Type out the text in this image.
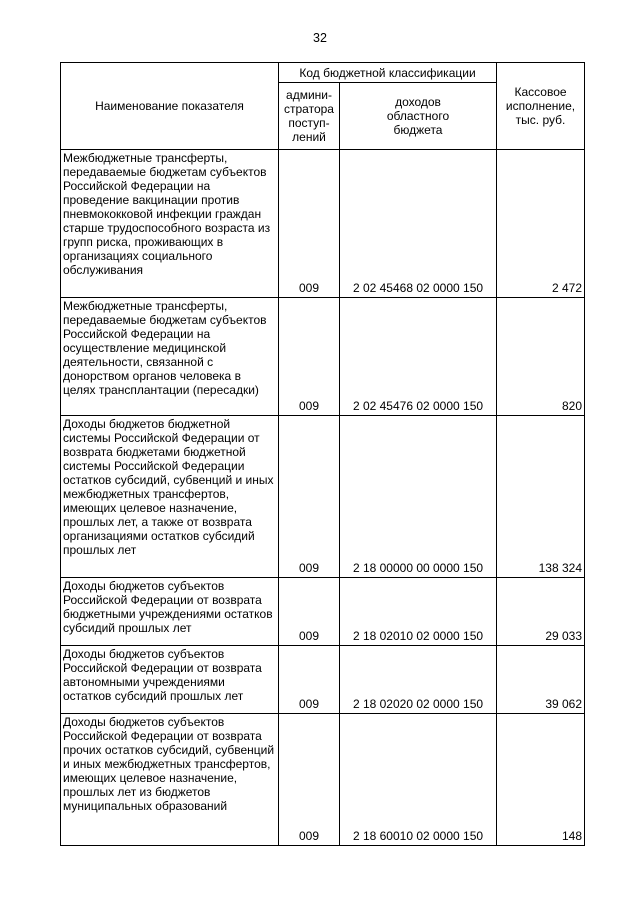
32
Наименование показателя	Код бюджетной классификации		Кассовое
исполнение,
тыс. руб.
	админи-
стратора
поступ-
лений	доходов
областного
бюджета	

Межбюджетные трансферты, передаваемые бюджетам субъектов Российской Федерации на проведение вакцинации против пневмококковой инфекции граждан старше трудоспособного возраста из групп риска, проживающих в организациях социального обслуживания	009	2 02 45468 02 0000 150	2 472

Межбюджетные трансферты, передаваемые бюджетам субъектов Российской Федерации на осуществление медицинской деятельности, связанной с донорством органов человека в целях трансплантации (пересадки)	009	2 02 45476 02 0000 150	820

Доходы бюджетов бюджетной системы Российской Федерации от возврата бюджетами бюджетной системы Российской Федерации остатков субсидий, субвенций и иных межбюджетных трансфертов, имеющих целевое назначение, прошлых лет, а также от возврата организациями остатков субсидий прошлых лет	009	2 18 00000 00 0000 150	138 324

Доходы бюджетов субъектов Российской Федерации от возврата бюджетными учреждениями остатков субсидий прошлых лет	009	2 18 02010 02 0000 150	29 033

Доходы бюджетов субъектов Российской Федерации от возврата автономными учреждениями остатков субсидий прошлых лет	009	2 18 02020 02 0000 150	39 062

Доходы бюджетов субъектов Российской Федерации от возврата прочих остатков субсидий, субвенций и иных межбюджетных трансфертов, имеющих целевое назначение, прошлых лет из бюджетов муниципальных образований	009	2 18 60010 02 0000 150	148
